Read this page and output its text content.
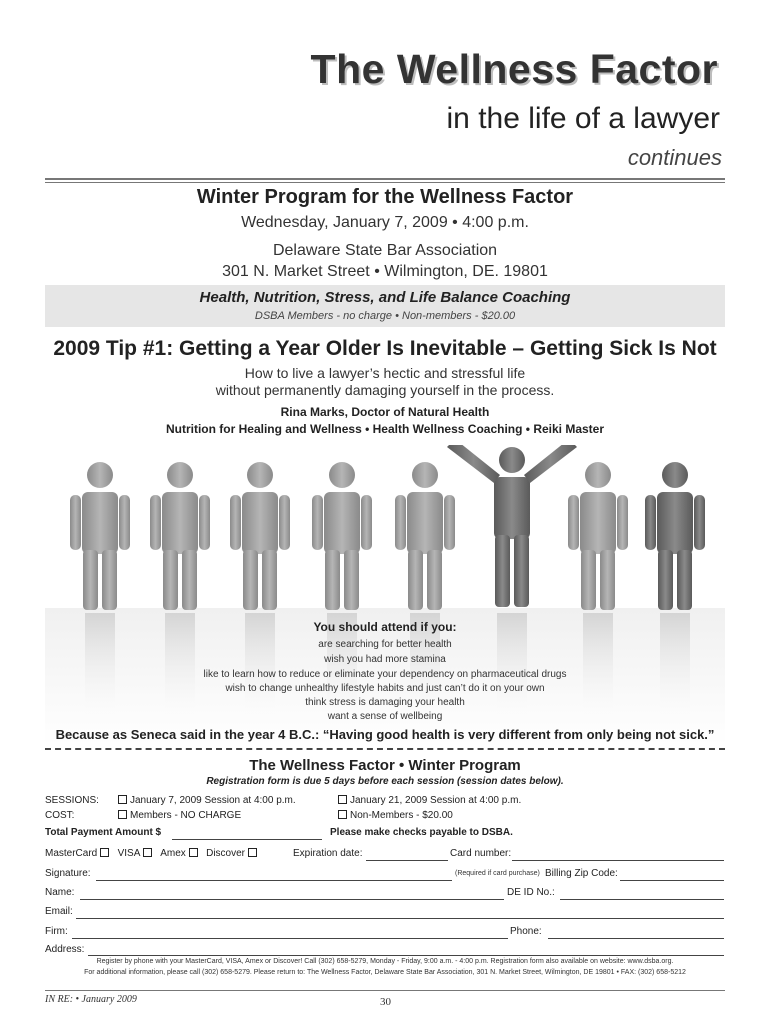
The Wellness Factor
in the life of a lawyer
continues
Winter Program for the Wellness Factor
Wednesday, January 7, 2009 • 4:00 p.m.
Delaware State Bar Association
301 N. Market Street • Wilmington, DE. 19801
Health, Nutrition, Stress, and Life Balance Coaching
DSBA Members - no charge • Non-members - $20.00
2009 Tip #1: Getting a Year Older Is Inevitable – Getting Sick Is Not
How to live a lawyer’s hectic and stressful life
without permanently damaging yourself in the process.
Rina Marks, Doctor of Natural Health
Nutrition for Healing and Wellness • Health Wellness Coaching • Reiki Master
You should attend if you:
are searching for better health
wish you had more stamina
like to learn how to reduce or eliminate your dependency on pharmaceutical drugs
wish to change unhealthy lifestyle habits and just can’t do it on your own
think stress is damaging your health
want a sense of wellbeing
Because as Seneca said in the year 4 B.C.: “Having good health is very different from only being not sick.”
The Wellness Factor • Winter Program
Registration form is due 5 days before each session (session dates below).
SESSIONS:	January 7, 2009 Session at 4:00 p.m.	January 21, 2009 Session at 4:00 p.m.
COST:	Members - NO CHARGE	Non-Members - $20.00
Total Payment Amount $	Please make checks payable to DSBA.
MasterCard VISA Amex Discover	Expiration date:	Card number:
Signature:	(Required if card purchase) Billing Zip Code:
Name:	DE ID No.:
Email:
Firm:	Phone:
Address:
Register by phone with your MasterCard, VISA, Amex or Discover! Call (302) 658-5279, Monday - Friday, 9:00 a.m. - 4:00 p.m. Registration form also available on website: www.dsba.org.
For additional information, please call (302) 658-5279. Please return to: The Wellness Factor, Delaware State Bar Association, 301 N. Market Street, Wilmington, DE 19801 • FAX: (302) 658-5212
IN RE: • January 2009	30
